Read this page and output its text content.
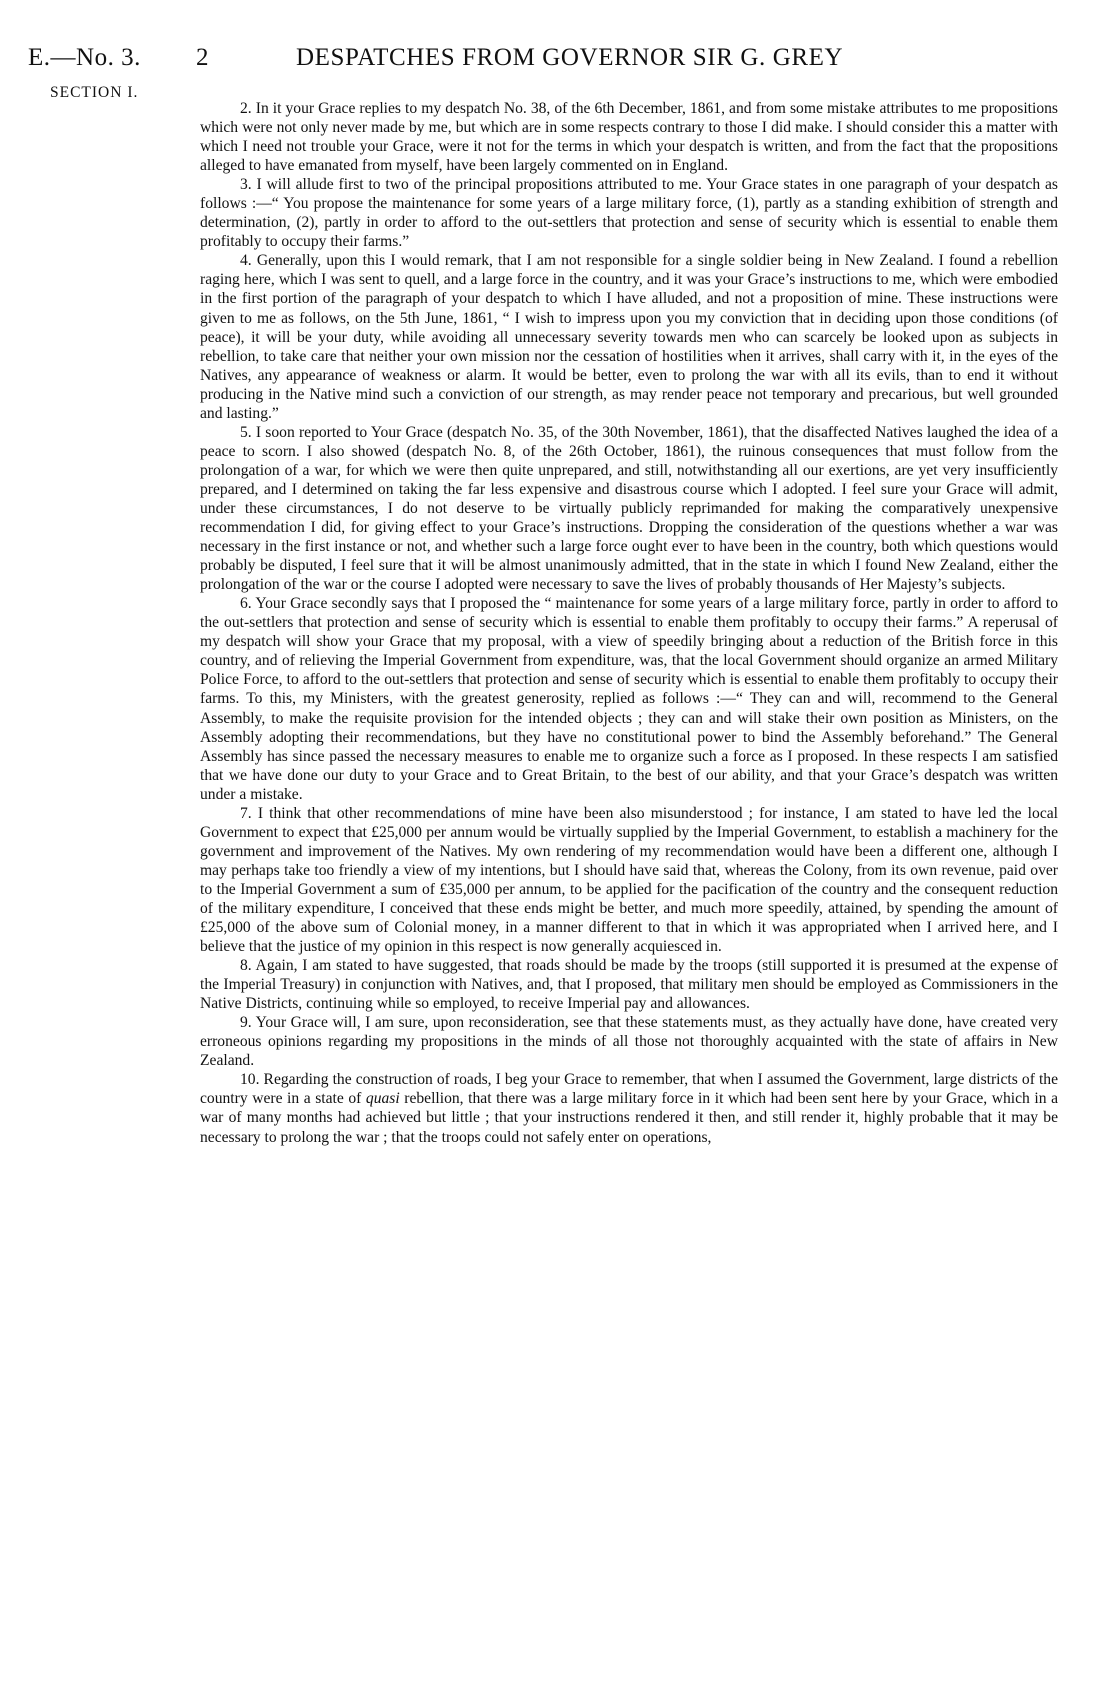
E.—No. 3. 2	DESPATCHES FROM GOVERNOR SIR G. GREY
SECTION I.

2. In it your Grace replies to my despatch No. 38, of the 6th December, 1861, and from some mistake attributes to me propositions which were not only never made by me, but which are in some respects contrary to those I did make. I should consider this a matter with which I need not trouble your Grace, were it not for the terms in which your despatch is written, and from the fact that the propositions alleged to have emanated from myself, have been largely commented on in England.

3. I will allude first to two of the principal propositions attributed to me. Your Grace states in one paragraph of your despatch as follows :—“ You propose the maintenance for some years of a large military force, (1), partly as a standing exhibition of strength and determination, (2), partly in order to afford to the out-settlers that protection and sense of security which is essential to enable them profitably to occupy their farms.”

4. Generally, upon this I would remark, that I am not responsible for a single soldier being in New Zealand. I found a rebellion raging here, which I was sent to quell, and a large force in the country, and it was your Grace’s instructions to me, which were embodied in the first portion of the paragraph of your despatch to which I have alluded, and not a proposition of mine. These instructions were given to me as follows, on the 5th June, 1861, “ I wish to impress upon you my conviction that in deciding upon those conditions (of peace), it will be your duty, while avoiding all unnecessary severity towards men who can scarcely be looked upon as subjects in rebellion, to take care that neither your own mission nor the cessation of hostilities when it arrives, shall carry with it, in the eyes of the Natives, any appearance of weakness or alarm. It would be better, even to prolong the war with all its evils, than to end it without producing in the Native mind such a conviction of our strength, as may render peace not temporary and precarious, but well grounded and lasting.”

5. I soon reported to Your Grace (despatch No. 35, of the 30th November, 1861), that the disaffected Natives laughed the idea of a peace to scorn. I also showed (despatch No. 8, of the 26th October, 1861), the ruinous consequences that must follow from the prolongation of a war, for which we were then quite unprepared, and still, notwithstanding all our exertions, are yet very insufficiently prepared, and I determined on taking the far less expensive and disastrous course which I adopted. I feel sure your Grace will admit, under these circumstances, I do not deserve to be virtually publicly reprimanded for making the comparatively unexpensive recommendation I did, for giving effect to your Grace’s instructions. Dropping the consideration of the questions whether a war was necessary in the first instance or not, and whether such a large force ought ever to have been in the country, both which questions would probably be disputed, I feel sure that it will be almost unanimously admitted, that in the state in which I found New Zealand, either the prolongation of the war or the course I adopted were necessary to save the lives of probably thousands of Her Majesty’s subjects.

6. Your Grace secondly says that I proposed the “ maintenance for some years of a large military force, partly in order to afford to the out-settlers that protection and sense of security which is essential to enable them profitably to occupy their farms.” A reperusal of my despatch will show your Grace that my proposal, with a view of speedily bringing about a reduction of the British force in this country, and of relieving the Imperial Government from expenditure, was, that the local Government should organize an armed Military Police Force, to afford to the out-settlers that protection and sense of security which is essential to enable them profitably to occupy their farms. To this, my Ministers, with the greatest generosity, replied as follows :—“ They can and will, recommend to the General Assembly, to make the requisite provision for the intended objects ; they can and will stake their own position as Ministers, on the Assembly adopting their recommendations, but they have no constitutional power to bind the Assembly beforehand.” The General Assembly has since passed the necessary measures to enable me to organize such a force as I proposed. In these respects I am satisfied that we have done our duty to your Grace and to Great Britain, to the best of our ability, and that your Grace’s despatch was written under a mistake.

7. I think that other recommendations of mine have been also misunderstood ; for instance, I am stated to have led the local Government to expect that £25,000 per annum would be virtually supplied by the Imperial Government, to establish a machinery for the government and improvement of the Natives. My own rendering of my recommendation would have been a different one, although I may perhaps take too friendly a view of my intentions, but I should have said that, whereas the Colony, from its own revenue, paid over to the Imperial Government a sum of £35,000 per annum, to be applied for the pacification of the country and the consequent reduction of the military expenditure, I conceived that these ends might be better, and much more speedily, attained, by spending the amount of £25,000 of the above sum of Colonial money, in a manner different to that in which it was appropriated when I arrived here, and I believe that the justice of my opinion in this respect is now generally acquiesced in.

8. Again, I am stated to have suggested, that roads should be made by the troops (still supported it is presumed at the expense of the Imperial Treasury) in conjunction with Natives, and, that I proposed, that military men should be employed as Commissioners in the Native Districts, continuing while so employed, to receive Imperial pay and allowances.

9. Your Grace will, I am sure, upon reconsideration, see that these statements must, as they actually have done, have created very erroneous opinions regarding my propositions in the minds of all those not thoroughly acquainted with the state of affairs in New Zealand.

10. Regarding the construction of roads, I beg your Grace to remember, that when I assumed the Government, large districts of the country were in a state of quasi rebellion, that there was a large military force in it which had been sent here by your Grace, which in a war of many months had achieved but little ; that your instructions rendered it then, and still render it, highly probable that it may be necessary to prolong the war ; that the troops could not safely enter on operations,
